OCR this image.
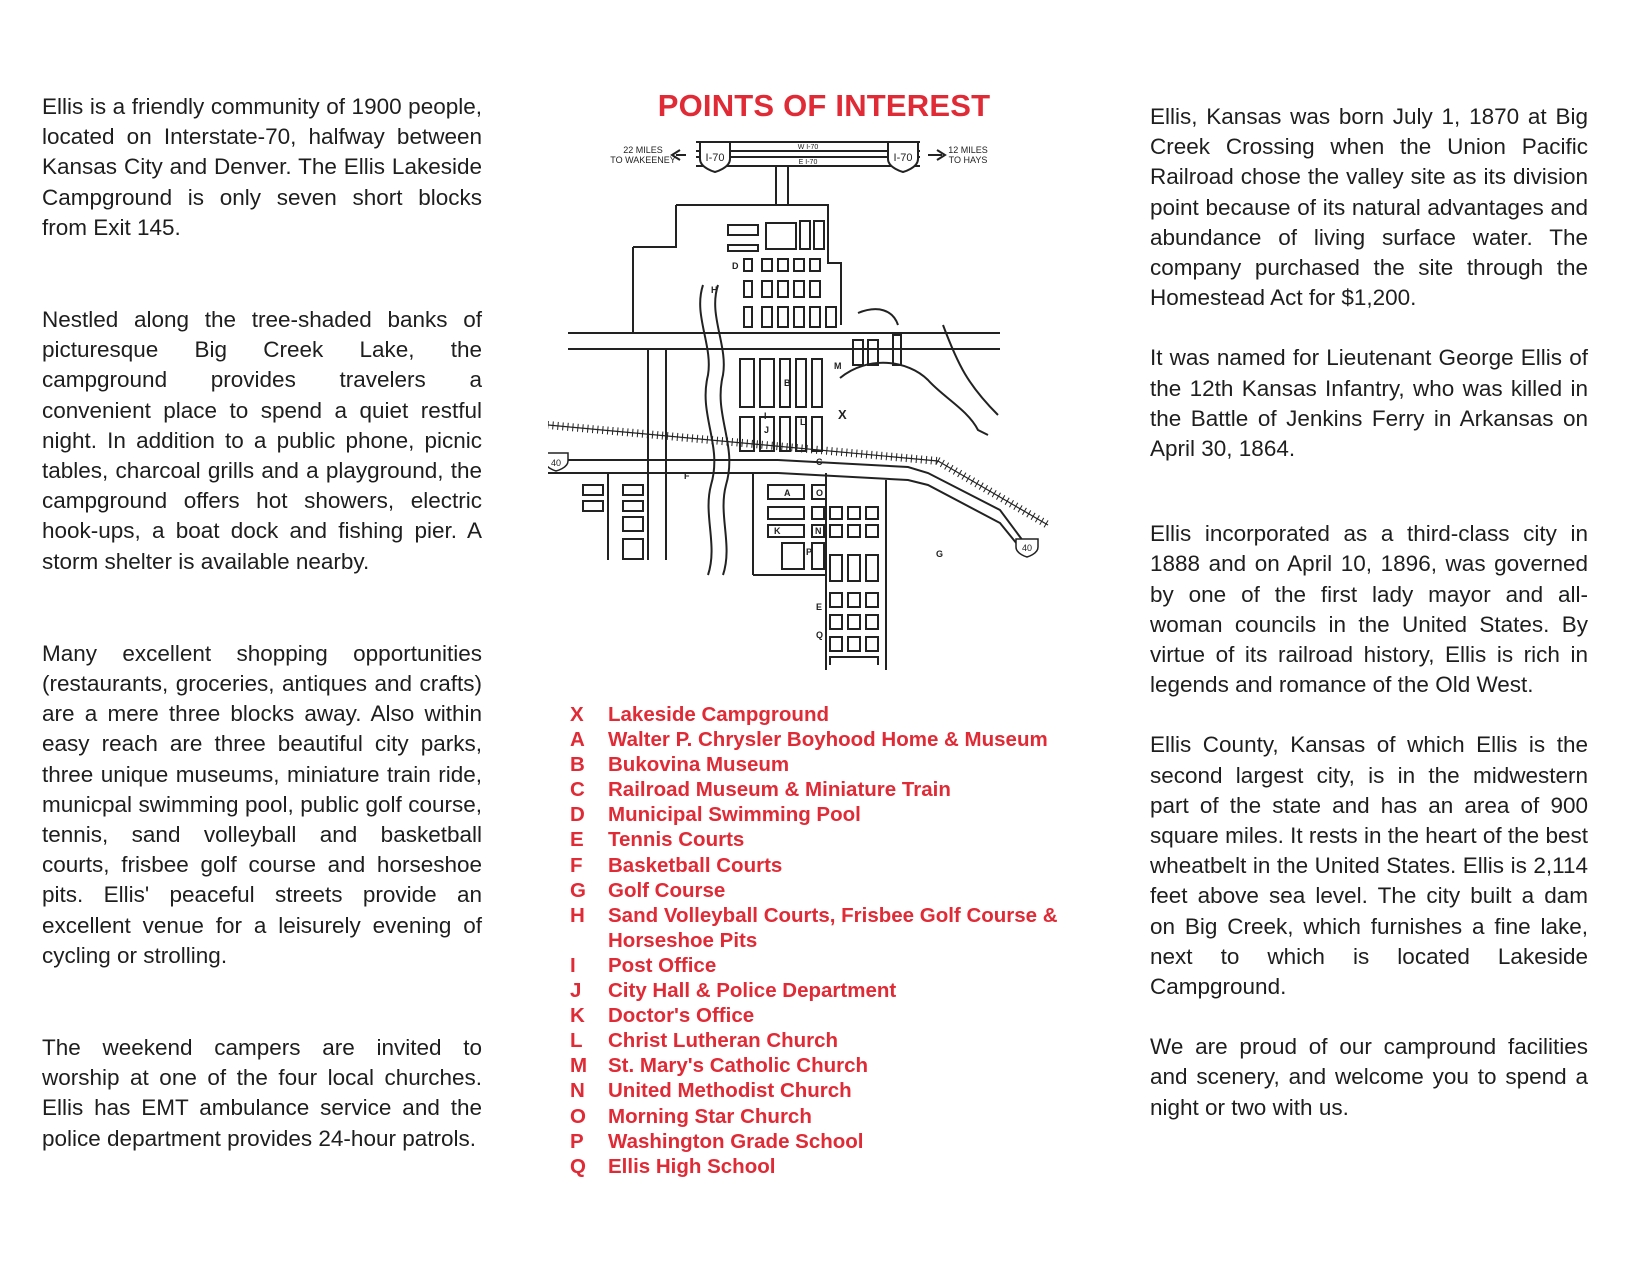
Ellis is a friendly community of 1900 people, located on Interstate-70, halfway between Kansas City and Denver. The Ellis Lakeside Campground is only seven short blocks from Exit 145.

Nestled along the tree-shaded banks of picturesque Big Creek Lake, the campground provides travelers a convenient place to spend a quiet restful night. In addition to a public phone, picnic tables, charcoal grills and a playground, the campground offers hot showers, electric hook-ups, a boat dock and fishing pier. A storm shelter is available nearby.

Many excellent shopping opportunities (restaurants, groceries, antiques and crafts) are a mere three blocks away. Also within easy reach are three beautiful city parks, three unique museums, miniature train ride, municpal swimming pool, public golf course, tennis, sand volleyball and basketball courts, frisbee golf course and horseshoe pits. Ellis' peaceful streets provide an excellent venue for a leisurely evening of cycling or strolling.

The weekend campers are invited to worship at one of the four local churches. Ellis has EMT ambulance service and the police department provides 24-hour patrols.

POINTS OF INTEREST
I-70	I-70
40
40
22 MILES
TO WAKEENEY
12 MILES
TO HAYS
W I-70
E I-70
D
H
B
M
I
J
L	X
C
F
A	O
K	N
P	G
E
Q
X	Lakeside Campground
A	Walter P. Chrysler Boyhood Home & Museum
B	Bukovina Museum
C	Railroad Museum & Miniature Train
D	Municipal Swimming Pool
E	Tennis Courts
F	Basketball Courts
G	Golf Course
H	Sand Volleyball Courts, Frisbee Golf Course & Horseshoe Pits
I	Post Office
J	City Hall & Police Department
K	Doctor's Office
L	Christ Lutheran Church
M	St. Mary's Catholic Church
N	United Methodist Church
O	Morning Star Church
P	Washington Grade School
Q	Ellis High School

Ellis, Kansas was born July 1, 1870 at Big Creek Crossing when the Union Pacific Railroad chose the valley site as its division point because of its natural advantages and abundance of living surface water. The company purchased the site through the Homestead Act for $1,200.

It was named for Lieutenant George Ellis of the 12th Kansas Infantry, who was killed in the Battle of Jenkins Ferry in Arkansas on April 30, 1864.

Ellis incorporated as a third-class city in 1888 and on April 10, 1896, was governed by one of the first lady mayor and all-woman councils in the United States. By virtue of its railroad history, Ellis is rich in legends and romance of the Old West.

Ellis County, Kansas of which Ellis is the second largest city, is in the midwestern part of the state and has an area of 900 square miles. It rests in the heart of the best wheatbelt in the United States. Ellis is 2,114 feet above sea level. The city built a dam on Big Creek, which furnishes a fine lake, next to which is located Lakeside Campground.

We are proud of our campround facilities and scenery, and welcome you to spend a night or two with us.
